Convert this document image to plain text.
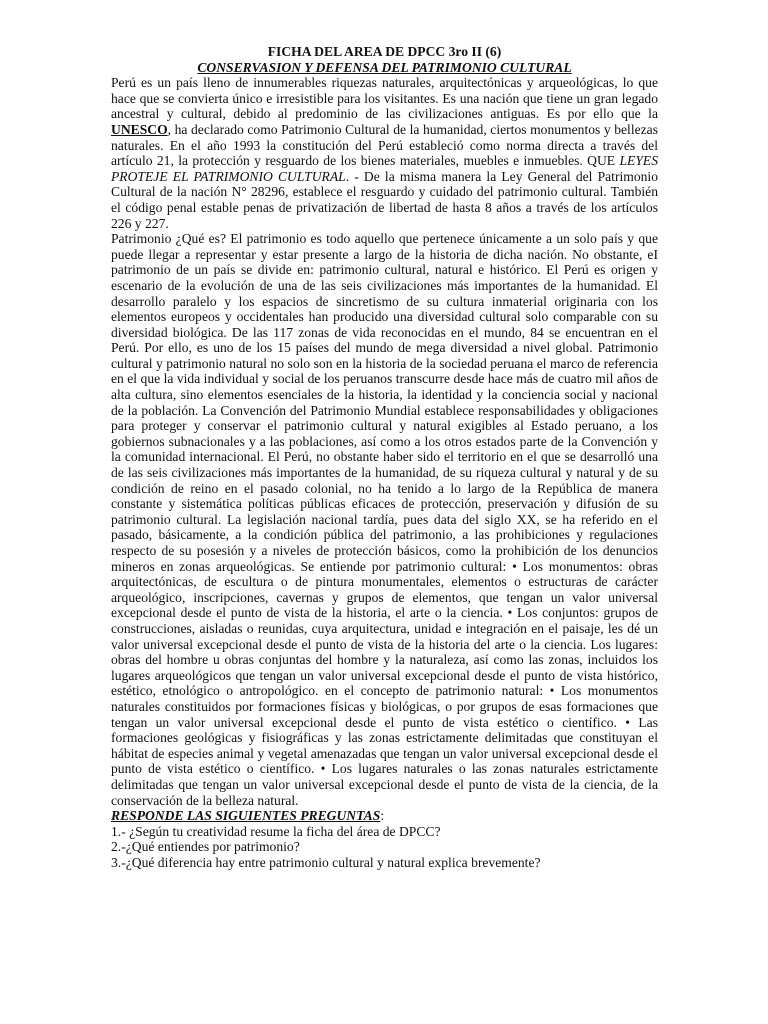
FICHA DEL AREA DE DPCC 3ro II (6)
CONSERVASION Y DEFENSA DEL PATRIMONIO CULTURAL

Perú es un país lleno de innumerables riquezas naturales, arquitectónicas y arqueológicas, lo que hace que se convierta único e irresistible para los visitantes. Es una nación que tiene un gran legado ancestral y cultural, debido al predominio de las civilizaciones antiguas. Es por ello que la UNESCO, ha declarado como Patrimonio Cultural de la humanidad, ciertos monumentos y bellezas naturales. En el año 1993 la constitución del Perú estableció como norma directa a través del artículo 21, la protección y resguardo de los bienes materiales, muebles e inmuebles. QUE LEYES PROTEJE EL PATRIMONIO CULTURAL. - De la misma manera la Ley General del Patrimonio Cultural de la nación N° 28296, establece el resguardo y cuidado del patrimonio cultural. También el código penal estable penas de privatización de libertad de hasta 8 años a través de los artículos 226 y 227.

Patrimonio ¿Qué es? El patrimonio es todo aquello que pertenece únicamente a un solo país y que puede llegar a representar y estar presente a largo de la historia de dicha nación. No obstante, eI patrimonio de un país se divide en: patrimonio cultural, natural e histórico. El Perú es origen y escenario de la evolución de una de las seis civilizaciones más importantes de la humanidad. El desarrollo paralelo y los espacios de sincretismo de su cultura inmaterial originaria con los elementos europeos y occidentales han producido una diversidad cultural solo comparable con su diversidad biológica. De las 117 zonas de vida reconocidas en el mundo, 84 se encuentran en el Perú. Por ello, es uno de los 15 países del mundo de mega diversidad a nivel global. Patrimonio cultural y patrimonio natural no solo son en la historia de la sociedad peruana el marco de referencia en el que la vida individual y social de los peruanos transcurre desde hace más de cuatro mil años de alta cultura, sino elementos esenciales de la historia, la identidad y la conciencia social y nacional de la población. La Convención del Patrimonio Mundial establece responsabilidades y obligaciones para proteger y conservar el patrimonio cultural y natural exigibles al Estado peruano, a los gobiernos subnacionales y a las poblaciones, así como a los otros estados parte de la Convención y la comunidad internacional. El Perú, no obstante haber sido el territorio en el que se desarrolló una de las seis civilizaciones más importantes de la humanidad, de su riqueza cultural y natural y de su condición de reino en el pasado colonial, no ha tenido a lo largo de la República de manera constante y sistemática políticas públicas eficaces de protección, preservación y difusión de su patrimonio cultural. La legislación nacional tardía, pues data del siglo XX, se ha referido en el pasado, básicamente, a la condición pública del patrimonio, a las prohibiciones y regulaciones respecto de su posesión y a niveles de protección básicos, como la prohibición de los denuncios mineros en zonas arqueológicas. Se entiende por patrimonio cultural: • Los monumentos: obras arquitectónicas, de escultura o de pintura monumentales, elementos o estructuras de carácter arqueológico, inscripciones, cavernas y grupos de elementos, que tengan un valor universal excepcional desde el punto de vista de la historia, el arte o la ciencia. • Los conjuntos: grupos de construcciones, aisladas o reunidas, cuya arquitectura, unidad e integración en el paisaje, les dé un valor universal excepcional desde el punto de vista de la historia del arte o la ciencia. Los lugares: obras del hombre u obras conjuntas del hombre y la naturaleza, así como las zonas, incluidos los lugares arqueológicos que tengan un valor universal excepcional desde el punto de vista histórico, estético, etnológico o antropológico. en el concepto de patrimonio natural: • Los monumentos naturales constituidos por formaciones físicas y biológicas, o por grupos de esas formaciones que tengan un valor universal excepcional desde el punto de vista estético o científico. • Las formaciones geológicas y fisiográficas y las zonas estrictamente delimitadas que constituyan el hábitat de especies animal y vegetal amenazadas que tengan un valor universal excepcional desde el punto de vista estético o científico. • Los lugares naturales o las zonas naturales estrictamente delimitadas que tengan un valor universal excepcional desde el punto de vista de la ciencia, de la conservación de la belleza natural.

RESPONDE LAS SIGUIENTES PREGUNTAS:
1.- ¿Según tu creatividad resume la ficha del área de DPCC?
2.-¿Qué entiendes por patrimonio?
3.-¿Qué diferencia hay entre patrimonio cultural y natural explica brevemente?
